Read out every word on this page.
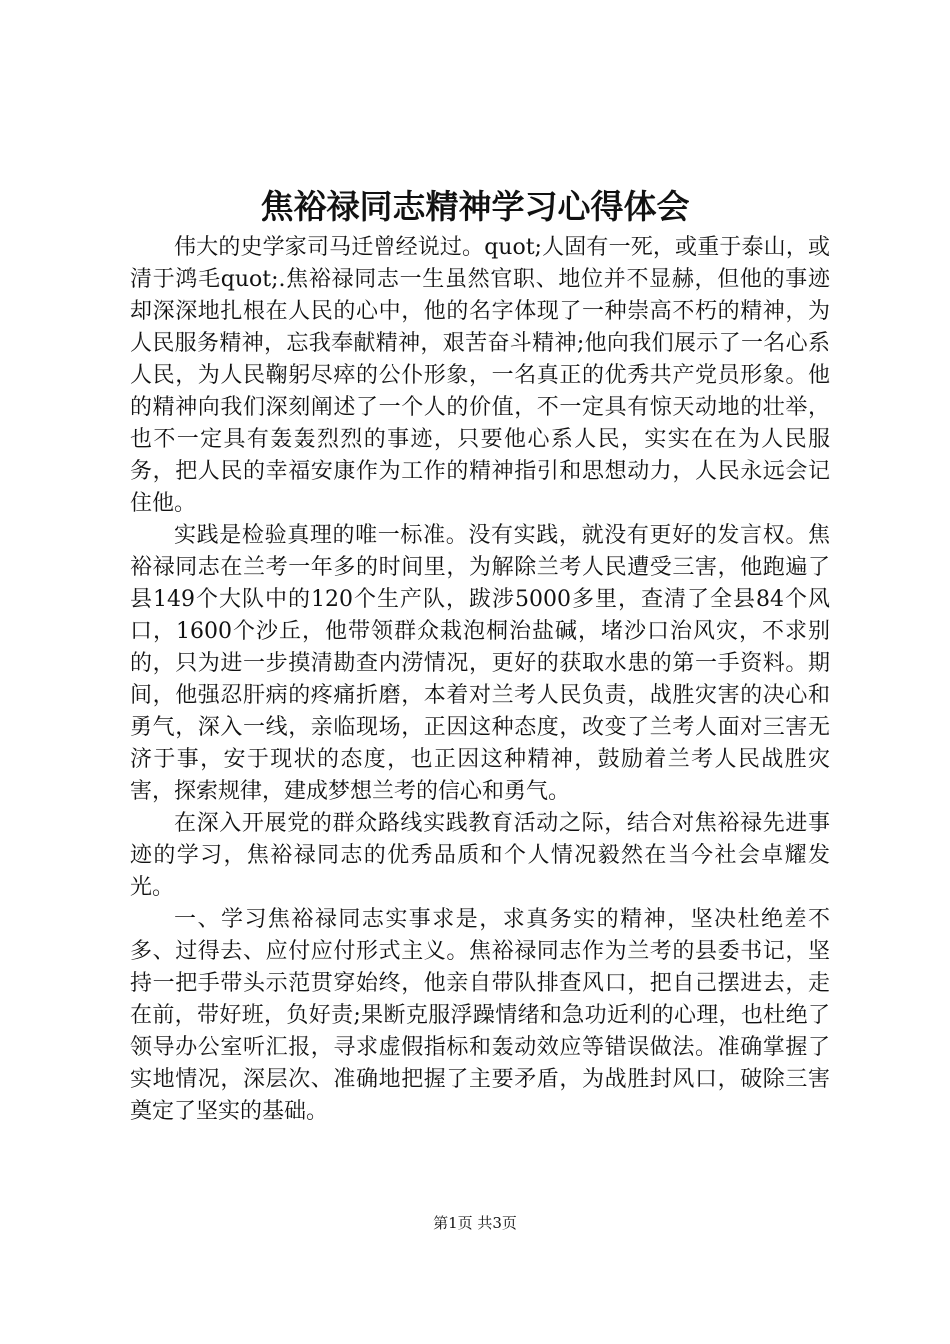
焦裕禄同志精神学习心得体会

伟大的史学家司马迁曾经说过。quot;人固有一死，或重于泰山，或清于鸿毛quot;.焦裕禄同志一生虽然官职、地位并不显赫，但他的事迹却深深地扎根在人民的心中，他的名字体现了一种崇高不朽的精神，为人民服务精神，忘我奉献精神，艰苦奋斗精神;他向我们展示了一名心系人民，为人民鞠躬尽瘁的公仆形象，一名真正的优秀共产党员形象。他的精神向我们深刻阐述了一个人的价值，不一定具有惊天动地的壮举，也不一定具有轰轰烈烈的事迹，只要他心系人民，实实在在为人民服务，把人民的幸福安康作为工作的精神指引和思想动力，人民永远会记住他。

实践是检验真理的唯一标准。没有实践，就没有更好的发言权。焦裕禄同志在兰考一年多的时间里，为解除兰考人民遭受三害，他跑遍了县149个大队中的120个生产队，跋涉5000多里，查清了全县84个风口，1600个沙丘，他带领群众栽泡桐治盐碱，堵沙口治风灾，不求别的，只为进一步摸清勘查内涝情况，更好的获取水患的第一手资料。期间，他强忍肝病的疼痛折磨，本着对兰考人民负责，战胜灾害的决心和勇气，深入一线，亲临现场，正因这种态度，改变了兰考人面对三害无济于事，安于现状的态度，也正因这种精神，鼓励着兰考人民战胜灾害，探索规律，建成梦想兰考的信心和勇气。

在深入开展党的群众路线实践教育活动之际，结合对焦裕禄先进事迹的学习，焦裕禄同志的优秀品质和个人情况毅然在当今社会卓耀发光。

一、学习焦裕禄同志实事求是，求真务实的精神，坚决杜绝差不多、过得去、应付应付形式主义。焦裕禄同志作为兰考的县委书记，坚持一把手带头示范贯穿始终，他亲自带队排查风口，把自己摆进去，走在前，带好班，负好责;果断克服浮躁情绪和急功近利的心理，也杜绝了领导办公室听汇报，寻求虚假指标和轰动效应等错误做法。准确掌握了实地情况，深层次、准确地把握了主要矛盾，为战胜封风口，破除三害奠定了坚实的基础。

第1页 共3页
